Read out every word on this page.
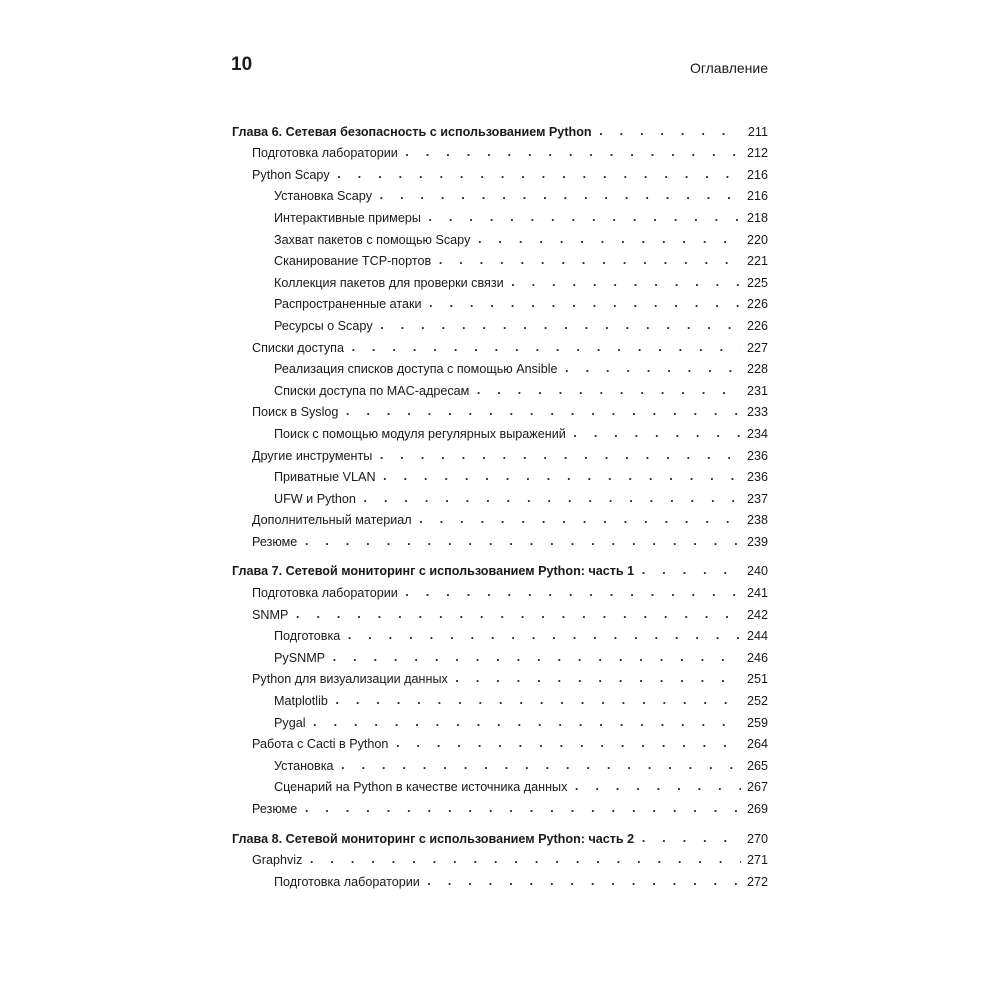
10	Оглавление
Глава 6. Сетевая безопасность с использованием Python . . .	211
Подготовка лаборатории . . .	212
Python Scapy . . .	216
Установка Scapy . . .	216
Интерактивные примеры . . .	218
Захват пакетов с помощью Scapy . . .	220
Сканирование TCP-портов . . .	221
Коллекция пакетов для проверки связи . . .	225
Распространенные атаки . . .	226
Ресурсы о Scapy . . .	226
Списки доступа . . .	227
Реализация списков доступа с помощью Ansible . . .	228
Списки доступа по MAC-адресам . . .	231
Поиск в Syslog . . .	233
Поиск с помощью модуля регулярных выражений . . .	234
Другие инструменты . . .	236
Приватные VLAN . . .	236
UFW и Python . . .	237
Дополнительный материал . . .	238
Резюме . . .	239
Глава 7. Сетевой мониторинг с использованием Python: часть 1 . . .	240
Подготовка лаборатории . . .	241
SNMP . . .	242
Подготовка . . .	244
PySNMP . . .	246
Python для визуализации данных . . .	251
Matplotlib . . .	252
Pygal . . .	259
Работа с Cacti в Python . . .	264
Установка . . .	265
Сценарий на Python в качестве источника данных . . .	267
Резюме . . .	269
Глава 8. Сетевой мониторинг с использованием Python: часть 2 . . .	270
Graphviz . . .	271
Подготовка лаборатории . . .	272
